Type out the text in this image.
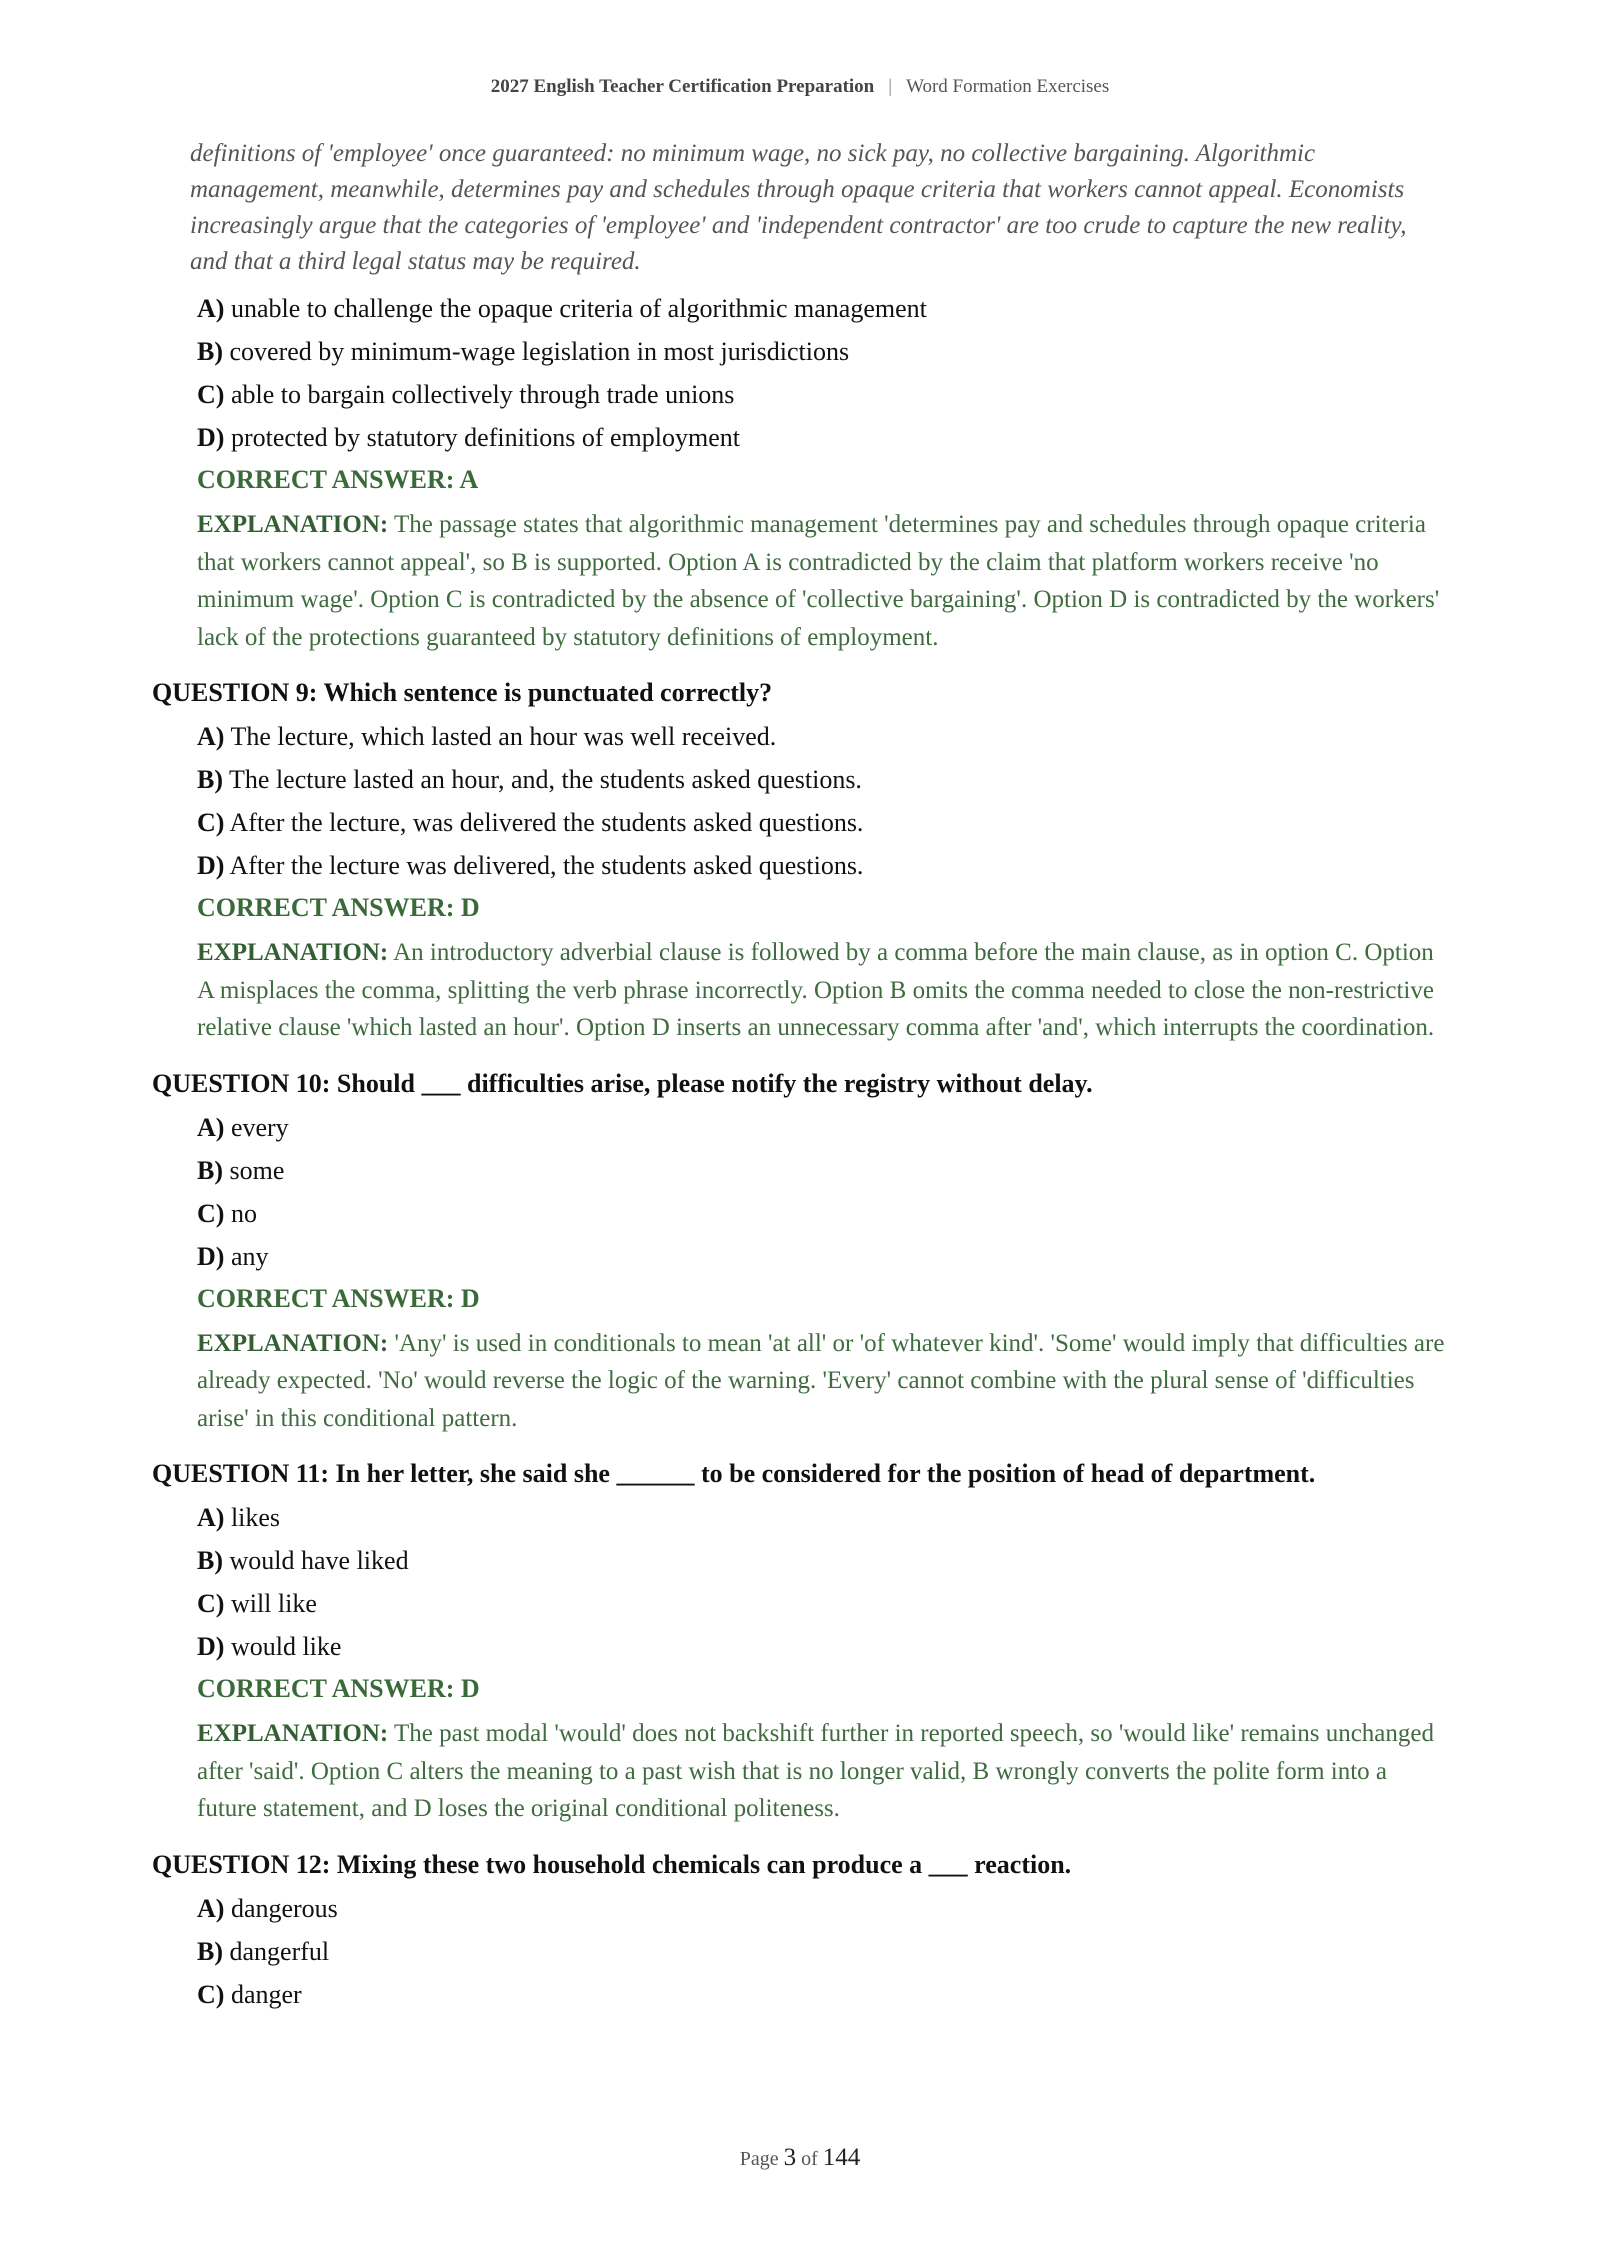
2027 English Teacher Certification Preparation | Word Formation Exercises
definitions of 'employee' once guaranteed: no minimum wage, no sick pay, no collective bargaining. Algorithmic management, meanwhile, determines pay and schedules through opaque criteria that workers cannot appeal. Economists increasingly argue that the categories of 'employee' and 'independent contractor' are too crude to capture the new reality, and that a third legal status may be required.
A) unable to challenge the opaque criteria of algorithmic management
B) covered by minimum-wage legislation in most jurisdictions
C) able to bargain collectively through trade unions
D) protected by statutory definitions of employment
CORRECT ANSWER: A
EXPLANATION: The passage states that algorithmic management 'determines pay and schedules through opaque criteria that workers cannot appeal', so B is supported. Option A is contradicted by the claim that platform workers receive 'no minimum wage'. Option C is contradicted by the absence of 'collective bargaining'. Option D is contradicted by the workers' lack of the protections guaranteed by statutory definitions of employment.
QUESTION 9: Which sentence is punctuated correctly?
A) The lecture, which lasted an hour was well received.
B) The lecture lasted an hour, and, the students asked questions.
C) After the lecture, was delivered the students asked questions.
D) After the lecture was delivered, the students asked questions.
CORRECT ANSWER: D
EXPLANATION: An introductory adverbial clause is followed by a comma before the main clause, as in option C. Option A misplaces the comma, splitting the verb phrase incorrectly. Option B omits the comma needed to close the non-restrictive relative clause 'which lasted an hour'. Option D inserts an unnecessary comma after 'and', which interrupts the coordination.
QUESTION 10: Should ___ difficulties arise, please notify the registry without delay.
A) every
B) some
C) no
D) any
CORRECT ANSWER: D
EXPLANATION: 'Any' is used in conditionals to mean 'at all' or 'of whatever kind'. 'Some' would imply that difficulties are already expected. 'No' would reverse the logic of the warning. 'Every' cannot combine with the plural sense of 'difficulties arise' in this conditional pattern.
QUESTION 11: In her letter, she said she ______ to be considered for the position of head of department.
A) likes
B) would have liked
C) will like
D) would like
CORRECT ANSWER: D
EXPLANATION: The past modal 'would' does not backshift further in reported speech, so 'would like' remains unchanged after 'said'. Option C alters the meaning to a past wish that is no longer valid, B wrongly converts the polite form into a future statement, and D loses the original conditional politeness.
QUESTION 12: Mixing these two household chemicals can produce a ___ reaction.
A) dangerous
B) dangerful
C) danger
Page 3 of 144
